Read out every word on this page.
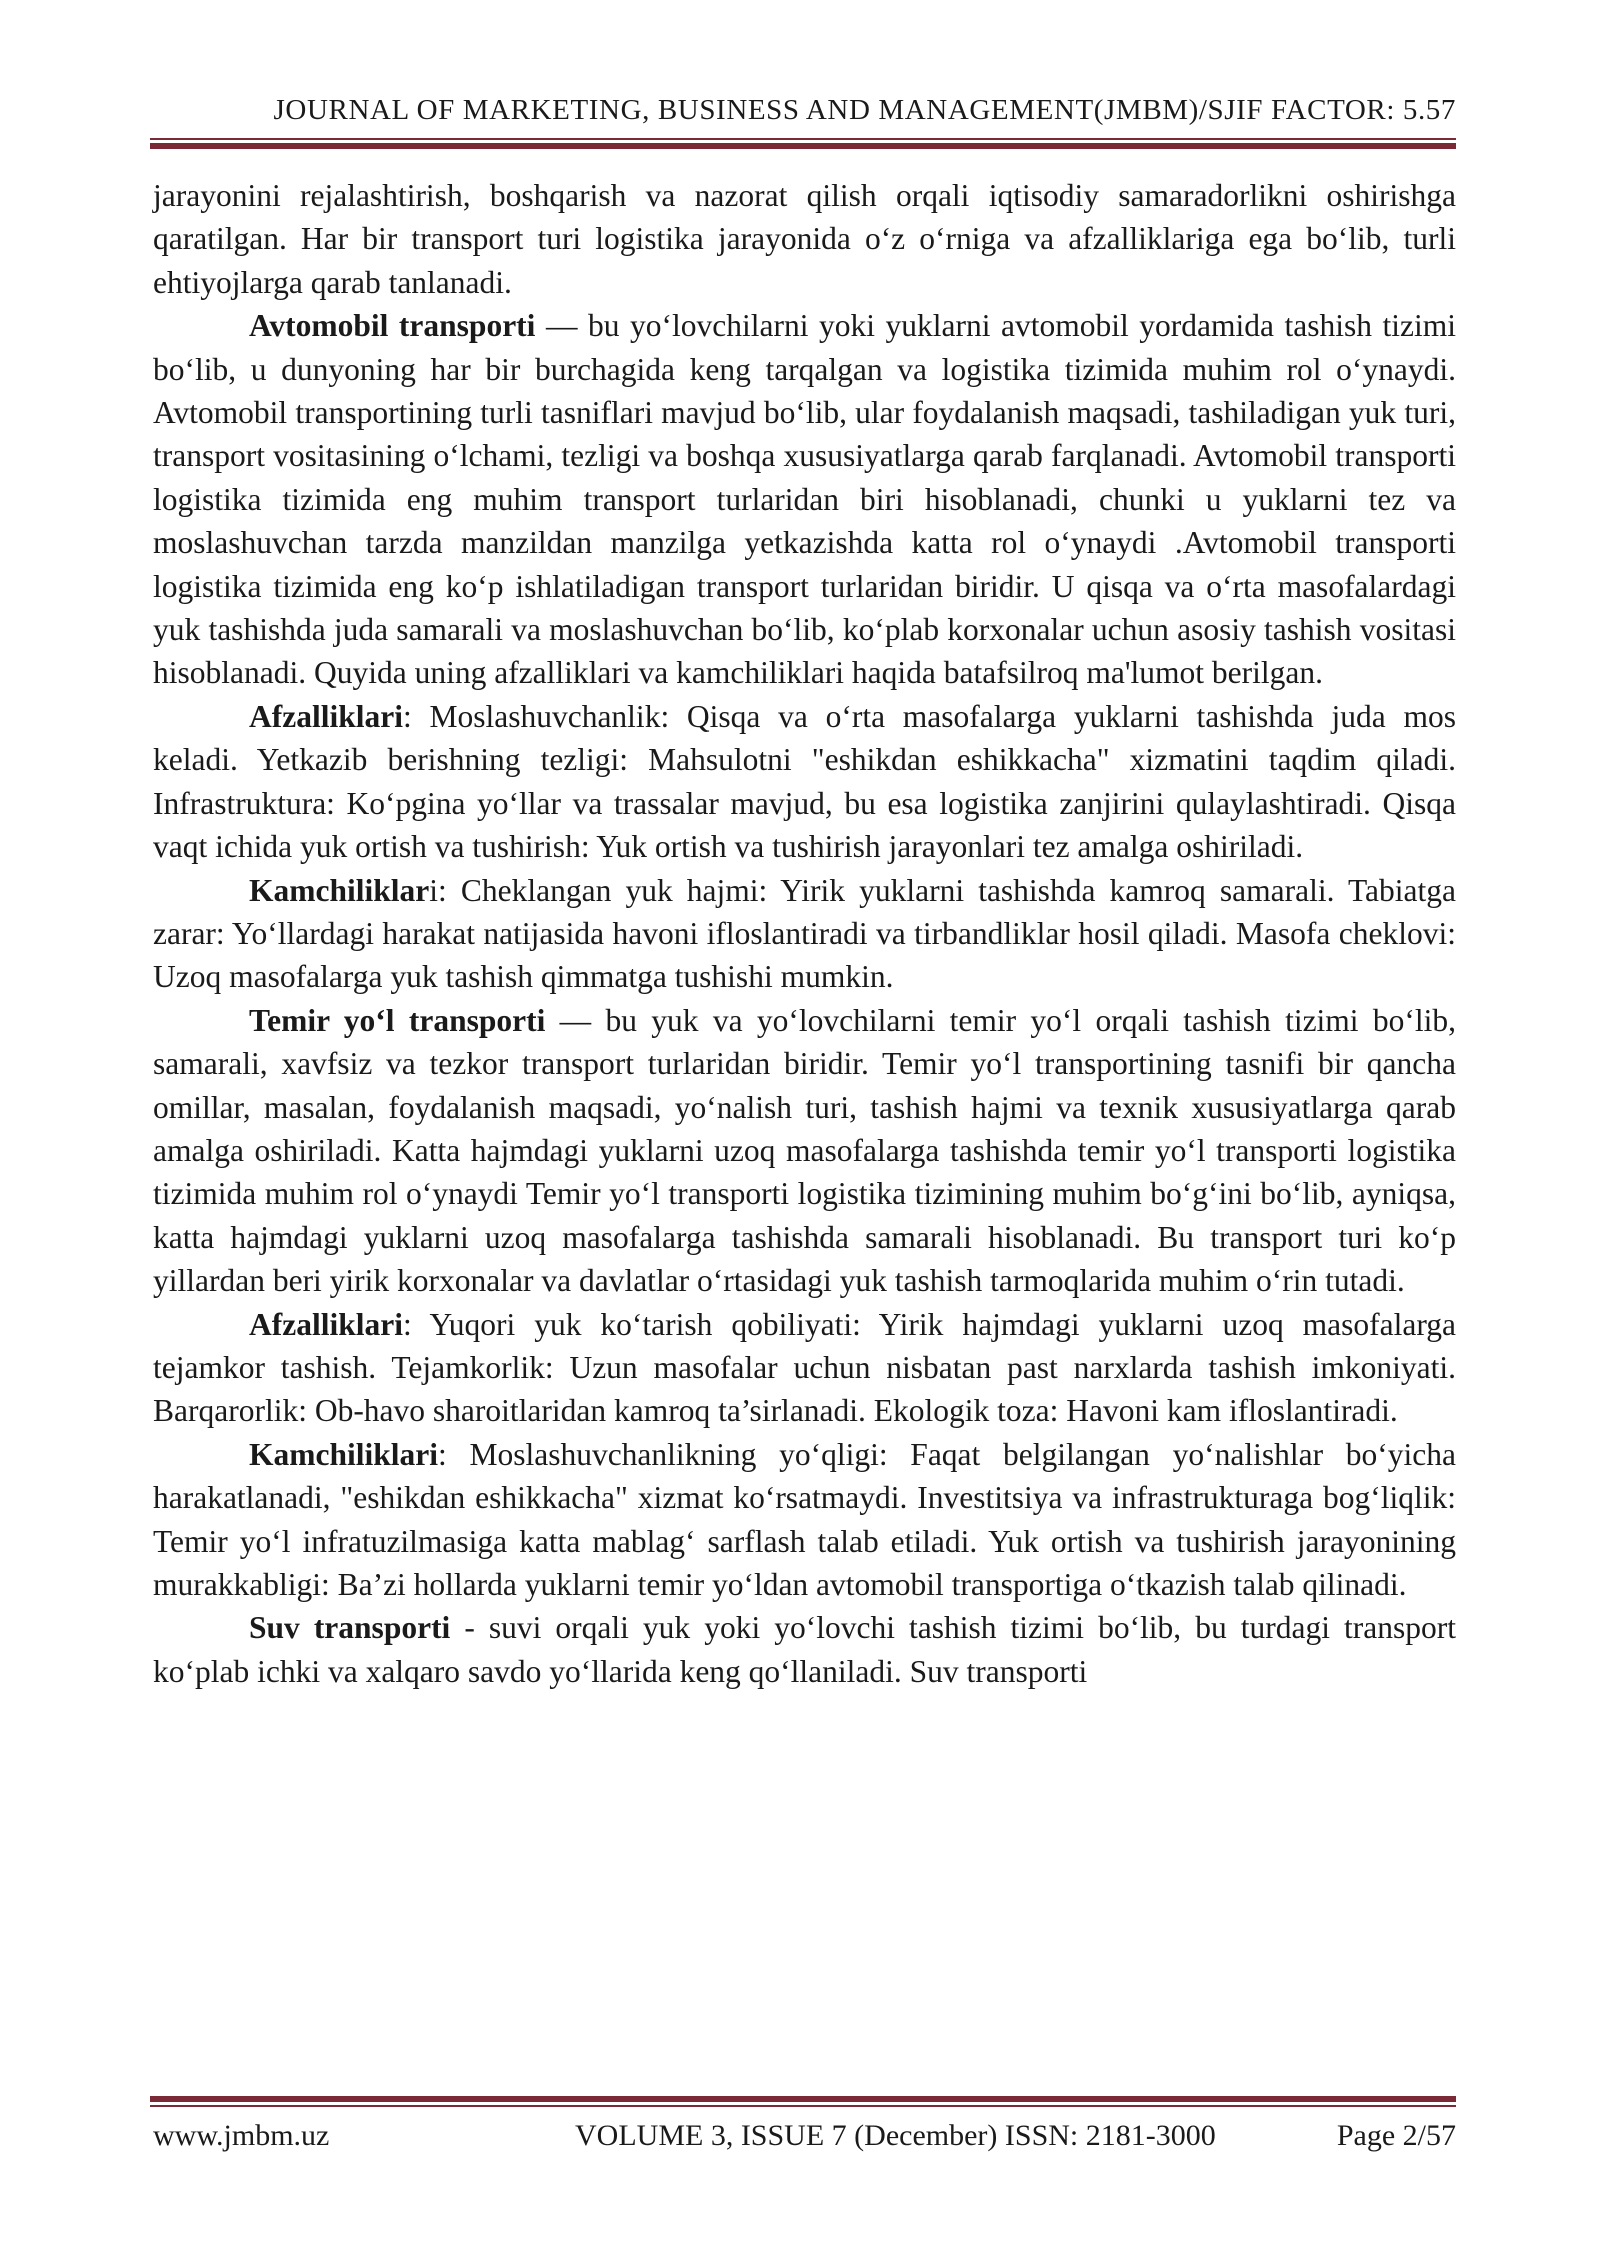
JOURNAL OF MARKETING, BUSINESS AND MANAGEMENT(JMBM)/SJIF FACTOR: 5.57

jarayonini rejalashtirish, boshqarish va nazorat qilish orqali iqtisodiy samaradorlikni oshirishga qaratilgan. Har bir transport turi logistika jarayonida o‘z o‘rniga va afzalliklariga ega bo‘lib, turli ehtiyojlarga qarab tanlanadi.

Avtomobil transporti — bu yo‘lovchilarni yoki yuklarni avtomobil yordamida tashish tizimi bo‘lib, u dunyoning har bir burchagida keng tarqalgan va logistika tizimida muhim rol o‘ynaydi. Avtomobil transportining turli tasniflari mavjud bo‘lib, ular foydalanish maqsadi, tashiladigan yuk turi, transport vositasining o‘lchami, tezligi va boshqa xususiyatlarga qarab farqlanadi. Avtomobil transporti logistika tizimida eng muhim transport turlaridan biri hisoblanadi, chunki u yuklarni tez va moslashuvchan tarzda manzildan manzilga yetkazishda katta rol o‘ynaydi .Avtomobil transporti logistika tizimida eng ko‘p ishlatiladigan transport turlaridan biridir. U qisqa va o‘rta masofalardagi yuk tashishda juda samarali va moslashuvchan bo‘lib, ko‘plab korxonalar uchun asosiy tashish vositasi hisoblanadi. Quyida uning afzalliklari va kamchiliklari haqida batafsilroq ma'lumot berilgan.

Afzalliklari: Moslashuvchanlik: Qisqa va o‘rta masofalarga yuklarni tashishda juda mos keladi. Yetkazib berishning tezligi: Mahsulotni "eshikdan eshikkacha" xizmatini taqdim qiladi. Infrastruktura: Ko‘pgina yo‘llar va trassalar mavjud, bu esa logistika zanjirini qulaylashtiradi. Qisqa vaqt ichida yuk ortish va tushirish: Yuk ortish va tushirish jarayonlari tez amalga oshiriladi.

Kamchiliklari: Cheklangan yuk hajmi: Yirik yuklarni tashishda kamroq samarali. Tabiatga zarar: Yo‘llardagi harakat natijasida havoni ifloslantiradi va tirbandliklar hosil qiladi. Masofa cheklovi: Uzoq masofalarga yuk tashish qimmatga tushishi mumkin.

Temir yo‘l transporti — bu yuk va yo‘lovchilarni temir yo‘l orqali tashish tizimi bo‘lib, samarali, xavfsiz va tezkor transport turlaridan biridir. Temir yo‘l transportining tasnifi bir qancha omillar, masalan, foydalanish maqsadi, yo‘nalish turi, tashish hajmi va texnik xususiyatlarga qarab amalga oshiriladi. Katta hajmdagi yuklarni uzoq masofalarga tashishda temir yo‘l transporti logistika tizimida muhim rol o‘ynaydi Temir yo‘l transporti logistika tizimining muhim bo‘g‘ini bo‘lib, ayniqsa, katta hajmdagi yuklarni uzoq masofalarga tashishda samarali hisoblanadi. Bu transport turi ko‘p yillardan beri yirik korxonalar va davlatlar o‘rtasidagi yuk tashish tarmoqlarida muhim o‘rin tutadi.

Afzalliklari: Yuqori yuk ko‘tarish qobiliyati: Yirik hajmdagi yuklarni uzoq masofalarga tejamkor tashish. Tejamkorlik: Uzun masofalar uchun nisbatan past narxlarda tashish imkoniyati. Barqarorlik: Ob-havo sharoitlaridan kamroq ta’sirlanadi. Ekologik toza: Havoni kam ifloslantiradi.

Kamchiliklari: Moslashuvchanlikning yo‘qligi: Faqat belgilangan yo‘nalishlar bo‘yicha harakatlanadi, "eshikdan eshikkacha" xizmat ko‘rsatmaydi. Investitsiya va infrastrukturaga bog‘liqlik: Temir yo‘l infratuzilmasiga katta mablag‘ sarflash talab etiladi. Yuk ortish va tushirish jarayonining murakkabligi: Ba’zi hollarda yuklarni temir yo‘ldan avtomobil transportiga o‘tkazish talab qilinadi.

Suv transporti - suvi orqali yuk yoki yo‘lovchi tashish tizimi bo‘lib, bu turdagi transport ko‘plab ichki va xalqaro savdo yo‘llarida keng qo‘llaniladi. Suv transporti

www.jmbm.uz	VOLUME 3, ISSUE 7 (December) ISSN: 2181-3000	Page 2/57
